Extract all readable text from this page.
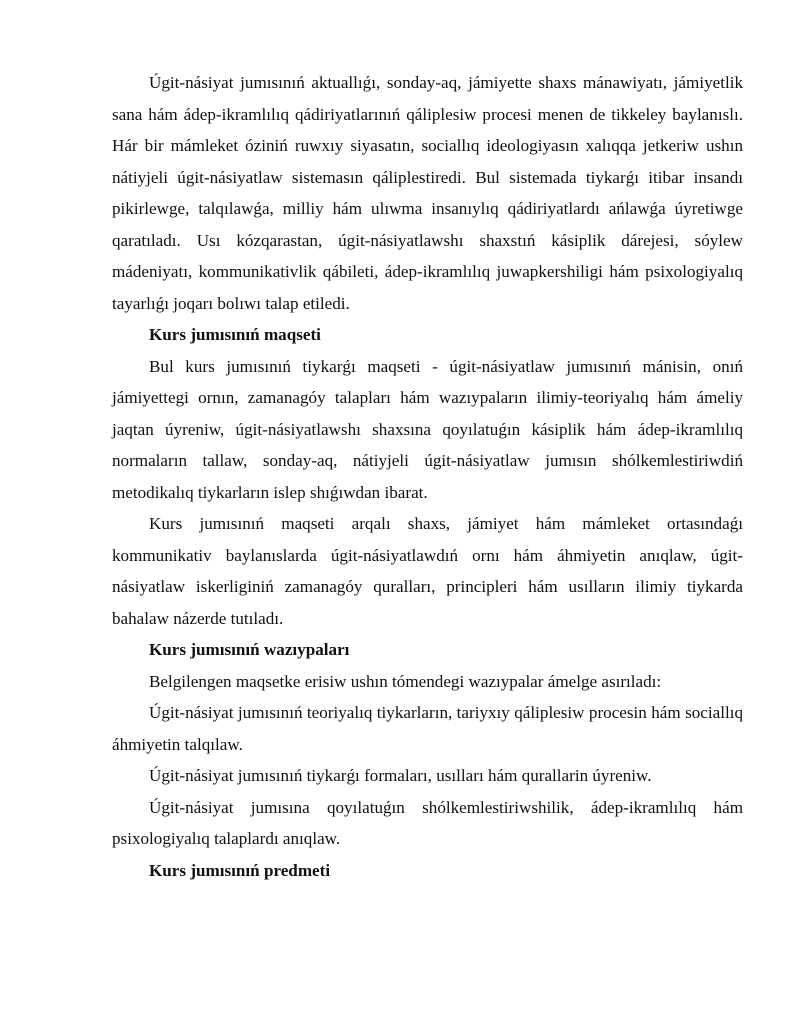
Úgit-násiyat jumısınıń aktuallıǵı, sonday-aq, jámiyette shaxs mánawiyatı, jámiyetlik sana hám ádep-ikramlılıq qádiriyatlarınıń qáliplesiw procesi menen de tikkeley baylanıslı. Hár bir mámleket óziniń ruwxıy siyasatın, sociallıq ideologiyasın xalıqqa jetkeriw ushın nátiyjeli úgit-násiyatlaw sistemasın qáliplestiredi. Bul sistemada tiykarǵı itibar insandı pikirlewge, talqılawǵa, milliy hám ulıwma insanıylıq qádiriyatlardı ańlawǵa úyretiwge qaratıladı. Usı kózqarastan, úgit-násiyatlawshı shaxstıń kásiplik dárejesi, sóylew mádeniyatı, kommunikativlik qábileti, ádep-ikramlılıq juwapkershiligi hám psixologiyalıq tayarlıǵı joqarı bolıwı talap etiledi.

Kurs jumısınıń maqseti

Bul kurs jumısınıń tiykarǵı maqseti - úgit-násiyatlaw jumısınıń mánisin, onıń jámiyettegi ornın, zamanagóy talapları hám wazıypaların ilimiy-teoriyalıq hám ámeliy jaqtan úyreniw, úgit-násiyatlawshı shaxsına qoyılatuǵın kásiplik hám ádep-ikramlılıq normaların tallaw, sonday-aq, nátiyjeli úgit-násiyatlaw jumısın shólkemlestiriwdiń metodikalıq tiykarların islep shıǵıwdan ibarat.

Kurs jumısınıń maqseti arqalı shaxs, jámiyet hám mámleket ortasındaǵı kommunikativ baylanıslarda úgit-násiyatlawdıń ornı hám áhmiyetin anıqlaw, úgit-násiyatlaw iskerliginiń zamanagóy quralları, principleri hám usılların ilimiy tiykarda bahalaw názerde tutıladı.

Kurs jumısınıń wazıypaları

Belgilengen maqsetke erisiw ushın tómendegi wazıypalar ámelge asırıladı:

Úgit-násiyat jumısınıń teoriyalıq tiykarların, tariyxıy qáliplesiw procesin hám sociallıq áhmiyetin talqılaw.

Úgit-násiyat jumısınıń tiykarǵı formaları, usılları hám qurallarin úyreniw.

Úgit-násiyat jumısına qoyılatuǵın shólkemlestiriwshilik, ádep-ikramlılıq hám psixologiyalıq talaplardı anıqlaw.

Kurs jumısınıń predmeti
